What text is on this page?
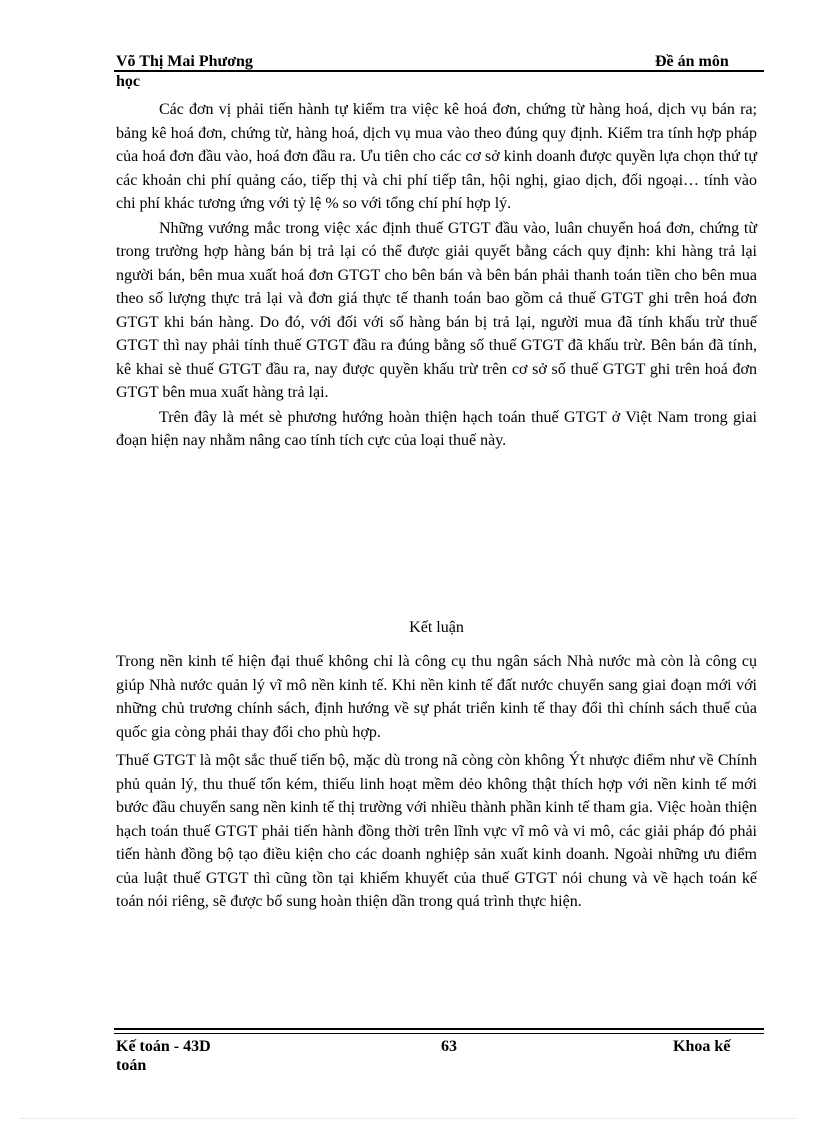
Võ Thị Mai Phương	Đề án môn
học

Các đơn vị phải tiến hành tự kiểm tra việc kê hoá đơn, chứng từ hàng hoá, dịch vụ bán ra; bảng kê hoá đơn, chứng từ, hàng hoá, dịch vụ mua vào theo đúng quy định. Kiểm tra tính hợp pháp của hoá đơn đầu vào, hoá đơn đầu ra. Ưu tiên cho các cơ sở kinh doanh được quyền lựa chọn thứ tự các khoản chi phí quảng cáo, tiếp thị và chi phí tiếp tân, hội nghị, giao dịch, đối ngoại… tính vào chi phí khác tương ứng với tỷ lệ % so với tổng chí phí hợp lý.

Những vướng mắc trong việc xác định thuế GTGT đầu vào, luân chuyển hoá đơn, chứng từ trong trường hợp hàng bán bị trả lại có thể được giải quyết bằng cách quy định: khi hàng trả lại người bán, bên mua xuất hoá đơn GTGT cho bên bán và bên bán phải thanh toán tiền cho bên mua theo số lượng thực trả lại và đơn giá thực tế thanh toán bao gồm cả thuế GTGT ghi trên hoá đơn GTGT khi bán hàng. Do đó, với đối với số hàng bán bị trả lại, người mua đã tính khấu trừ thuế GTGT thì nay phải tính thuế GTGT đầu ra đúng bằng số thuế GTGT đã khấu trừ. Bên bán đã tính, kê khai sè thuế GTGT đầu ra, nay được quyền khấu trừ trên cơ sở số thuế GTGT ghi trên hoá đơn GTGT bên mua xuất hàng trả lại.

Trên đây là mét sè phương hướng hoàn thiện hạch toán thuế GTGT ở Việt Nam trong giai đoạn hiện nay nhằm nâng cao tính tích cực của loại thuế này.

Kết luận

Trong nền kinh tế hiện đại thuế không chỉ là công cụ thu ngân sách Nhà nước mà còn là công cụ giúp Nhà nước quản lý vĩ mô nền kinh tế. Khi nền kinh tế đất nước chuyển sang giai đoạn mới với những chủ trương chính sách, định hướng về sự phát triển kinh tế thay đổi thì chính sách thuế của quốc gia còng phải thay đổi cho phù hợp.

Thuế GTGT là một sắc thuế tiến bộ, mặc dù trong nã còng còn không Ýt nhược điểm như về Chính phủ quản lý, thu thuế tốn kém, thiếu linh hoạt mềm dẻo không thật thích hợp với nền kinh tế mới bước đầu chuyển sang nền kinh tế thị trường với nhiều thành phần kinh tế tham gia. Việc hoàn thiện hạch toán thuế GTGT phải tiến hành đồng thời trên lĩnh vực vĩ mô và vi mô, các giải pháp đó phải tiến hành đồng bộ tạo điều kiện cho các doanh nghiệp sản xuất kinh doanh. Ngoài những ưu điểm của luật thuế GTGT thì cũng tồn tại khiếm khuyết của thuế GTGT nói chung và về hạch toán kế toán nói riêng, sẽ được bổ sung hoàn thiện dần trong quá trình thực hiện.

Kế toán - 43D
toán
63	Khoa kế
